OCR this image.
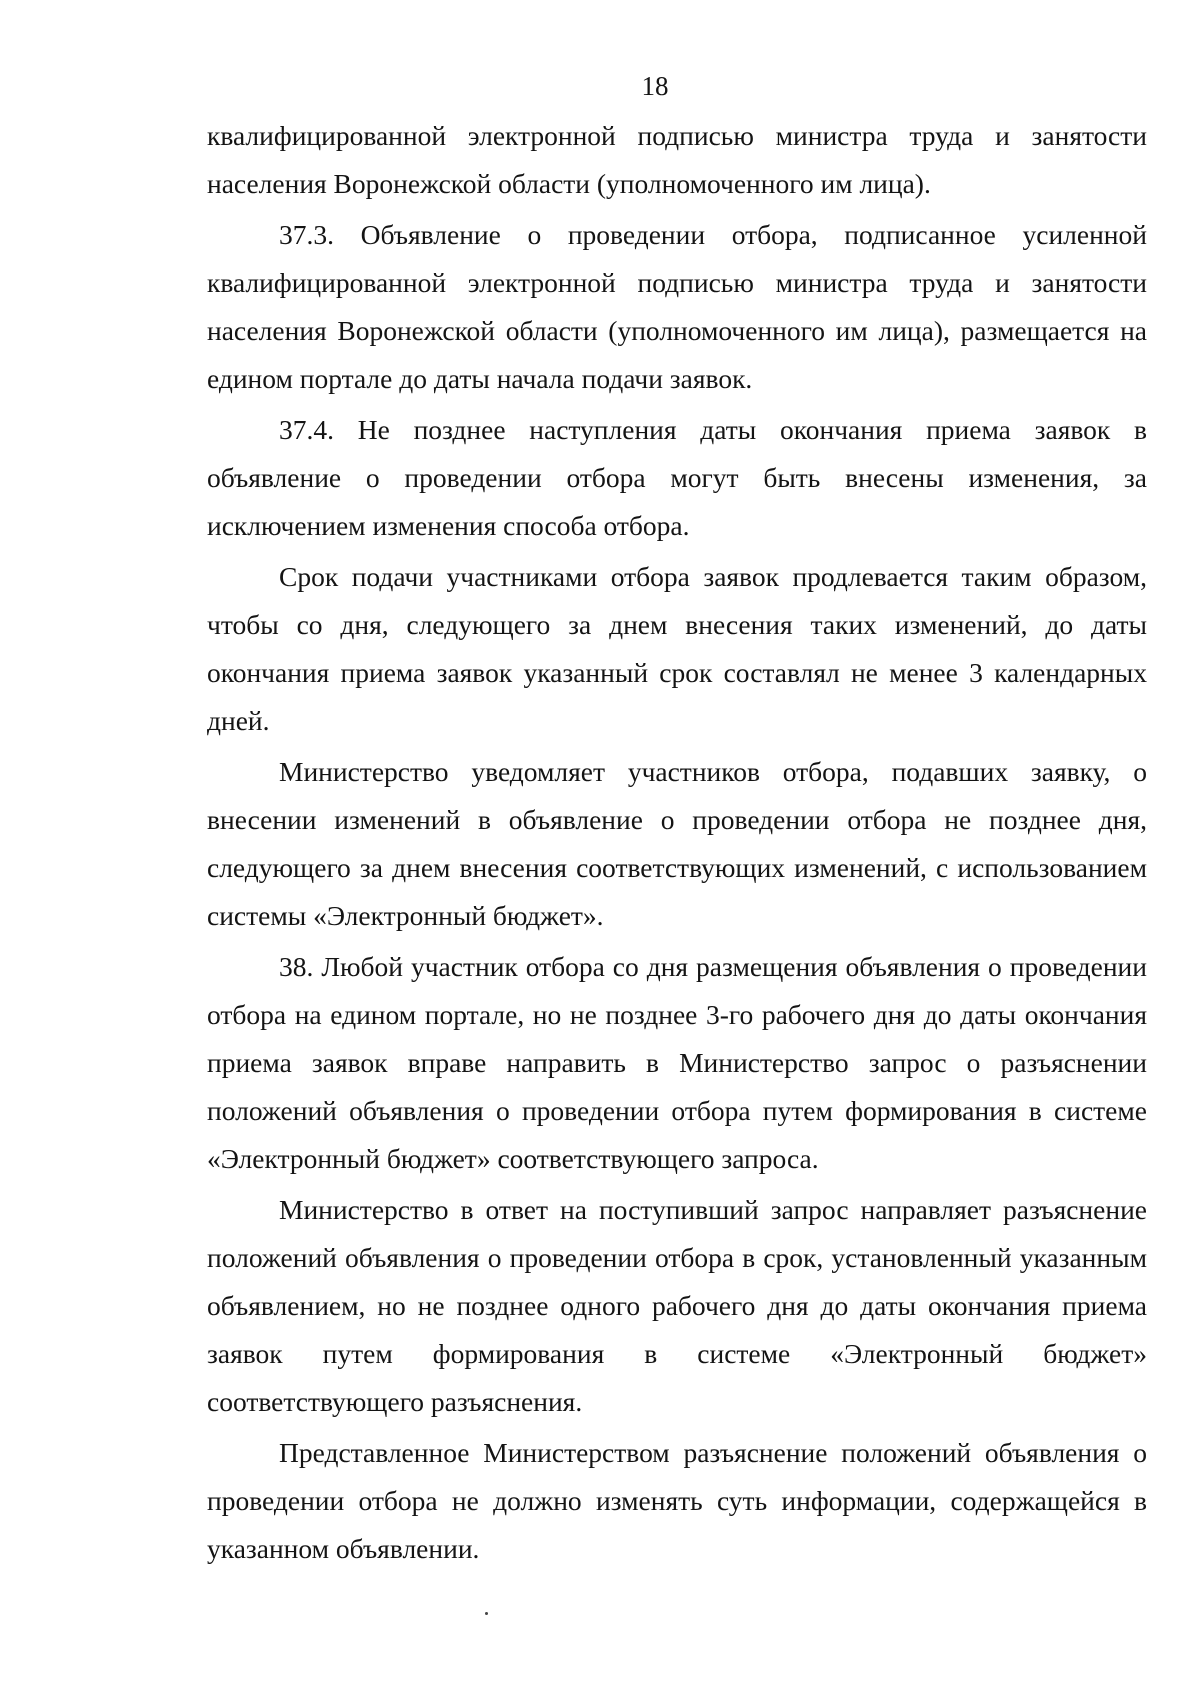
18

квалифицированной электронной подписью министра труда и занятости населения Воронежской области (уполномоченного им лица).

37.3. Объявление о проведении отбора, подписанное усиленной квалифицированной электронной подписью министра труда и занятости населения Воронежской области (уполномоченного им лица), размещается на едином портале до даты начала подачи заявок.

37.4. Не позднее наступления даты окончания приема заявок в объявление о проведении отбора могут быть внесены изменения, за исключением изменения способа отбора.

Срок подачи участниками отбора заявок продлевается таким образом, чтобы со дня, следующего за днем внесения таких изменений, до даты окончания приема заявок указанный срок составлял не менее 3 календарных дней.

Министерство уведомляет участников отбора, подавших заявку, о внесении изменений в объявление о проведении отбора не позднее дня, следующего за днем внесения соответствующих изменений, с использованием системы «Электронный бюджет».

38. Любой участник отбора со дня размещения объявления о проведении отбора на едином портале, но не позднее 3-го рабочего дня до даты окончания приема заявок вправе направить в Министерство запрос о разъяснении положений объявления о проведении отбора путем формирования в системе «Электронный бюджет» соответствующего запроса.

Министерство в ответ на поступивший запрос направляет разъяснение положений объявления о проведении отбора в срок, установленный указанным объявлением, но не позднее одного рабочего дня до даты окончания приема заявок путем формирования в системе «Электронный бюджет» соответствующего разъяснения.

Представленное Министерством разъяснение положений объявления о проведении отбора не должно изменять суть информации, содержащейся в указанном объявлении.
